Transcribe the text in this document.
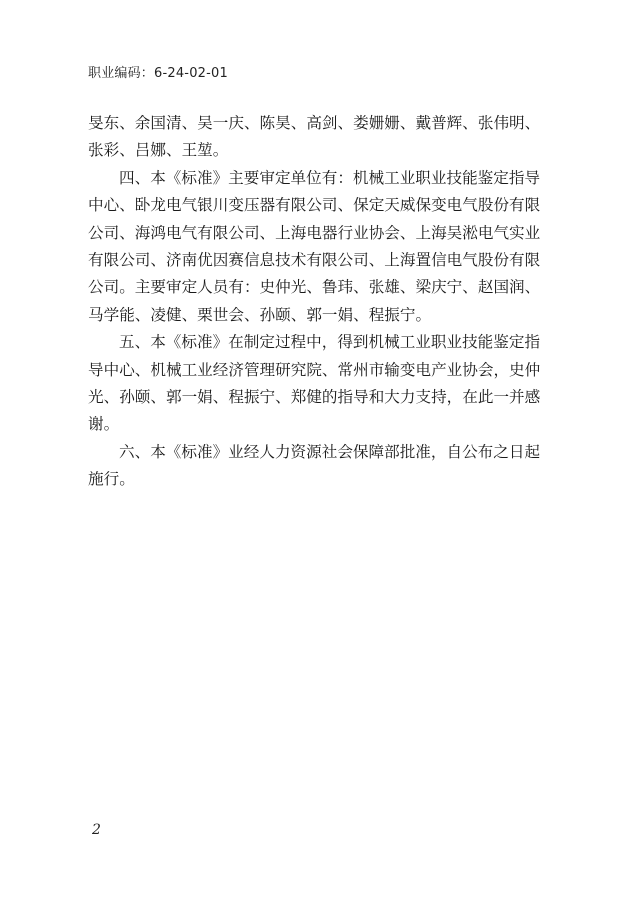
职业编码：6-24-02-01
旻东、余国清、吴一庆、陈昊、高剑、娄姗姗、戴普辉、张伟明、
张彩、吕娜、王堃。
四、本《标准》主要审定单位有：机械工业职业技能鉴定指导
中心、卧龙电气银川变压器有限公司、保定天威保变电气股份有限
公司、海鸿电气有限公司、上海电器行业协会、上海吴淞电气实业
有限公司、济南优因赛信息技术有限公司、上海置信电气股份有限
公司。主要审定人员有：史仲光、鲁玮、张雄、梁庆宁、赵国润、
马学能、凌健、栗世会、孙颐、郭一娟、程振宁。
五、本《标准》在制定过程中，得到机械工业职业技能鉴定指
导中心、机械工业经济管理研究院、常州市输变电产业协会，史仲
光、孙颐、郭一娟、程振宁、郑健的指导和大力支持，在此一并感
谢。
六、本《标准》业经人力资源社会保障部批准，自公布之日起
施行。
2
